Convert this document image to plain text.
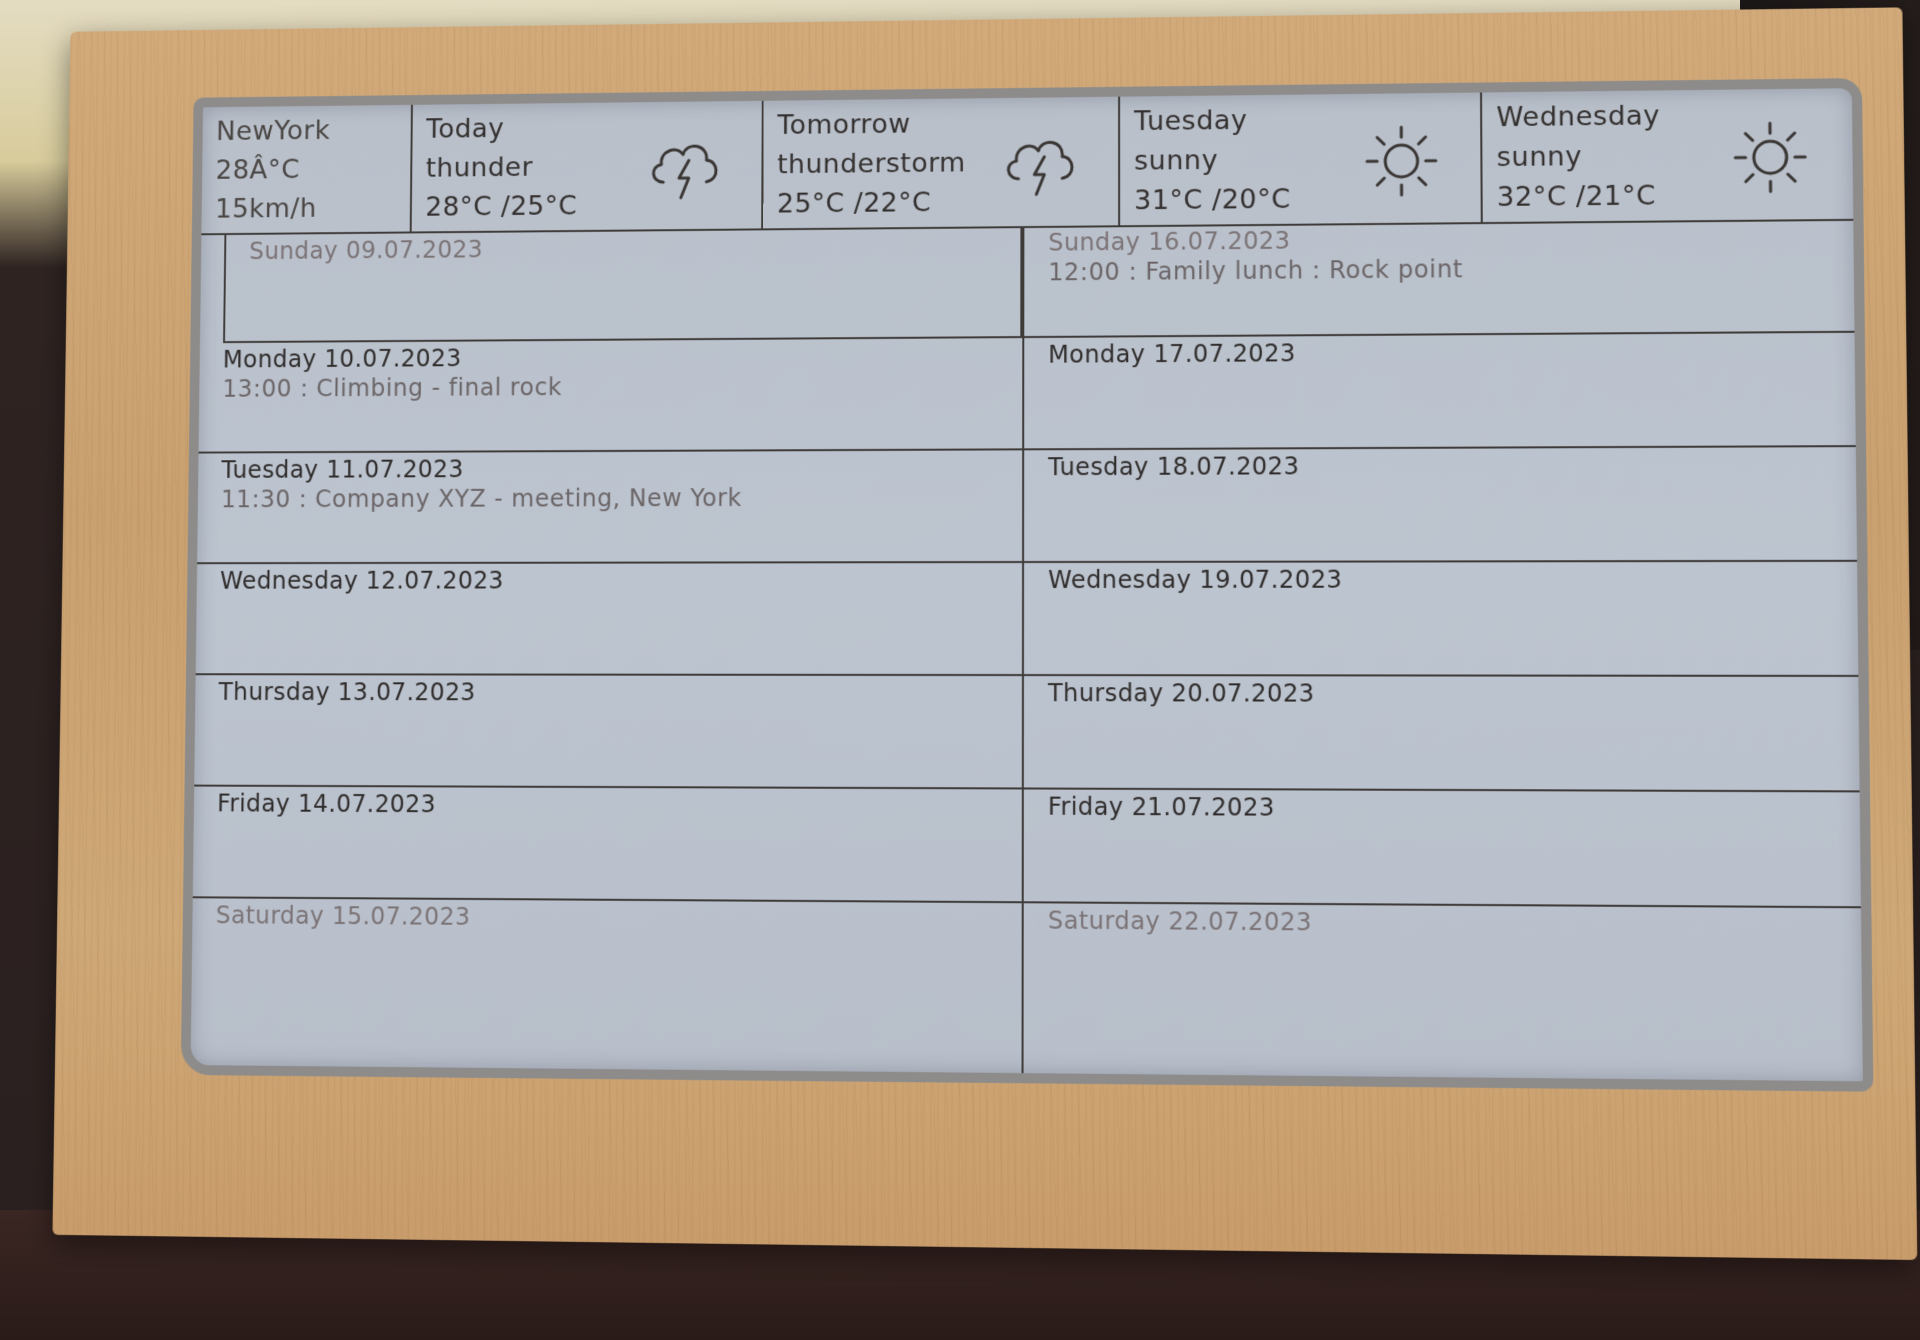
NewYork
28Â°C
15km/h
Today
thunder
28°C /25°C
Tomorrow
thunderstorm
25°C /22°C
Tuesday
sunny
31°C /20°C
Wednesday
sunny
32°C /21°C
Sunday 09.07.2023
Monday 10.07.2023
13:00 : Climbing - final rock
Tuesday 11.07.2023
11:30 : Company XYZ - meeting, New York
Wednesday 12.07.2023
Thursday 13.07.2023
Friday 14.07.2023
Saturday 15.07.2023
Sunday 16.07.2023
12:00 : Family lunch : Rock point
Monday 17.07.2023
Tuesday 18.07.2023
Wednesday 19.07.2023
Thursday 20.07.2023
Friday 21.07.2023
Saturday 22.07.2023
